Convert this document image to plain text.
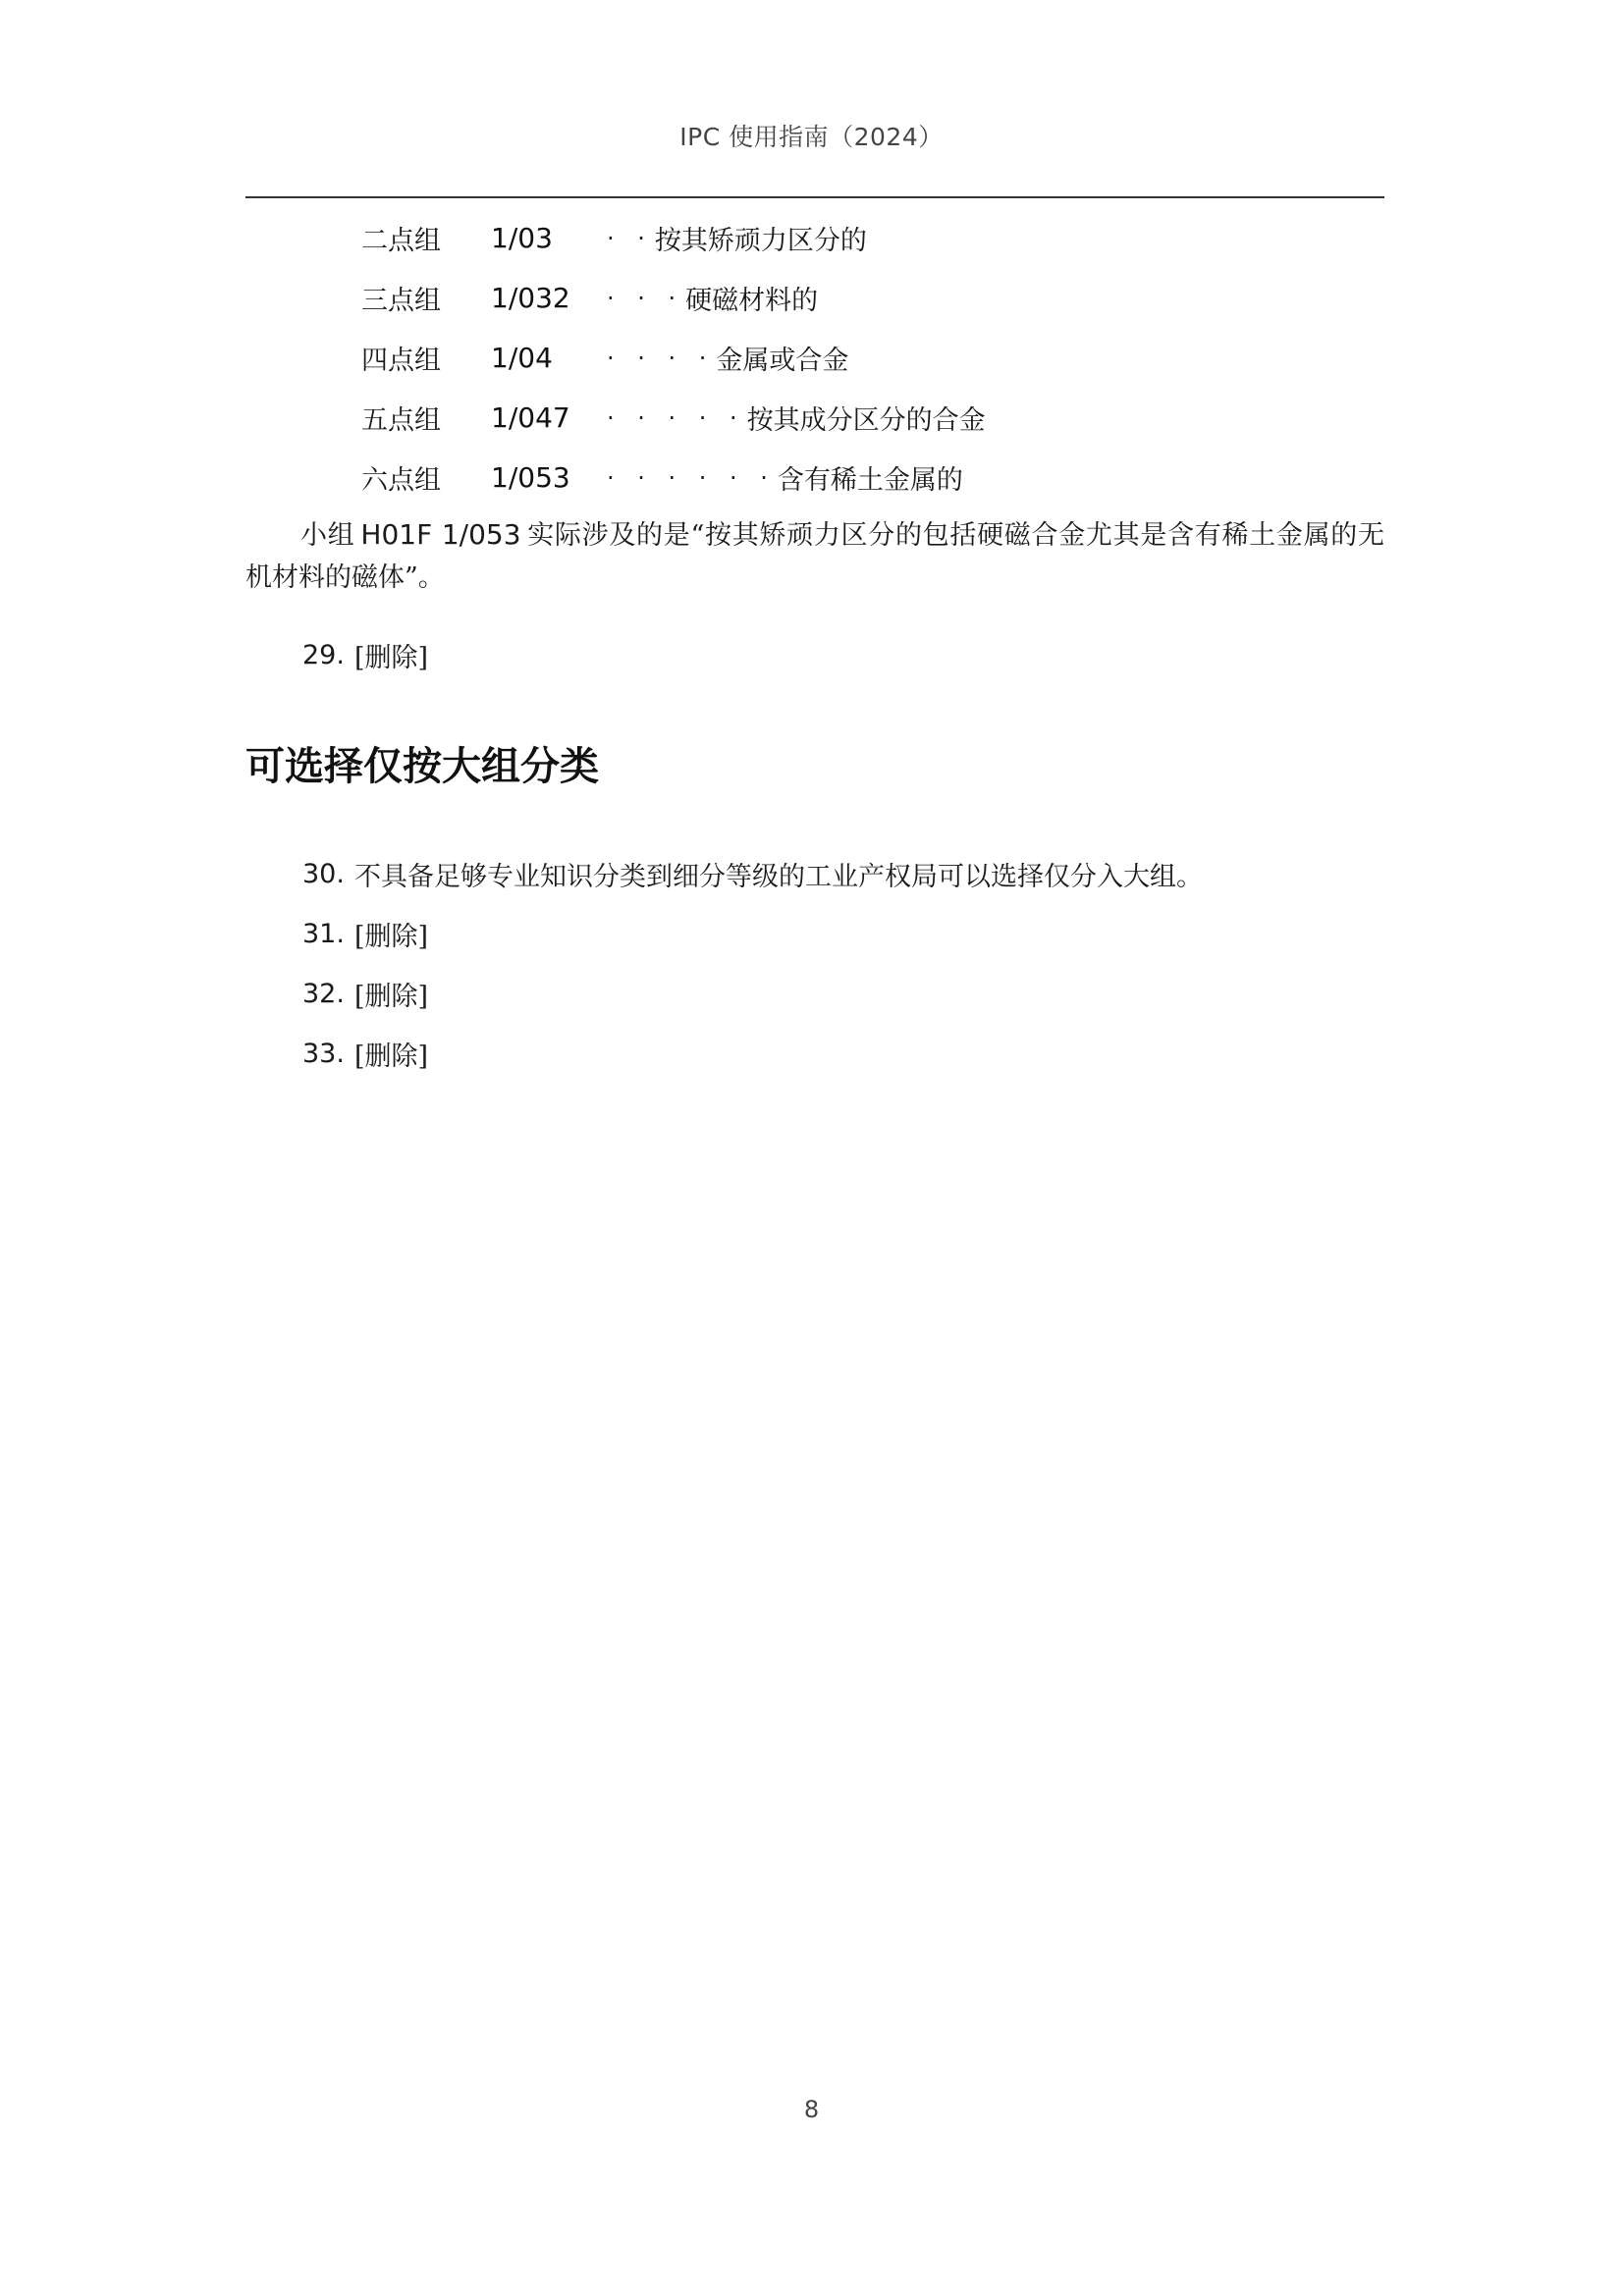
IPC 使用指南（2024）
二点组	1/03	· · 按其矫顽力区分的
三点组	1/032	· · · 硬磁材料的
四点组	1/04	· · · · 金属或合金
五点组	1/047	· · · · · 按其成分区分的合金
六点组	1/053	· · · · · · 含有稀土金属的

小组 H01F 1/053 实际涉及的是“按其矫顽力区分的包括硬磁合金尤其是含有稀土金属的无机材料的磁体”。

29. [删除]
可选择仅按大组分类
30. 不具备足够专业知识分类到细分等级的工业产权局可以选择仅分入大组。
31. [删除]
32. [删除]
33. [删除]
8
